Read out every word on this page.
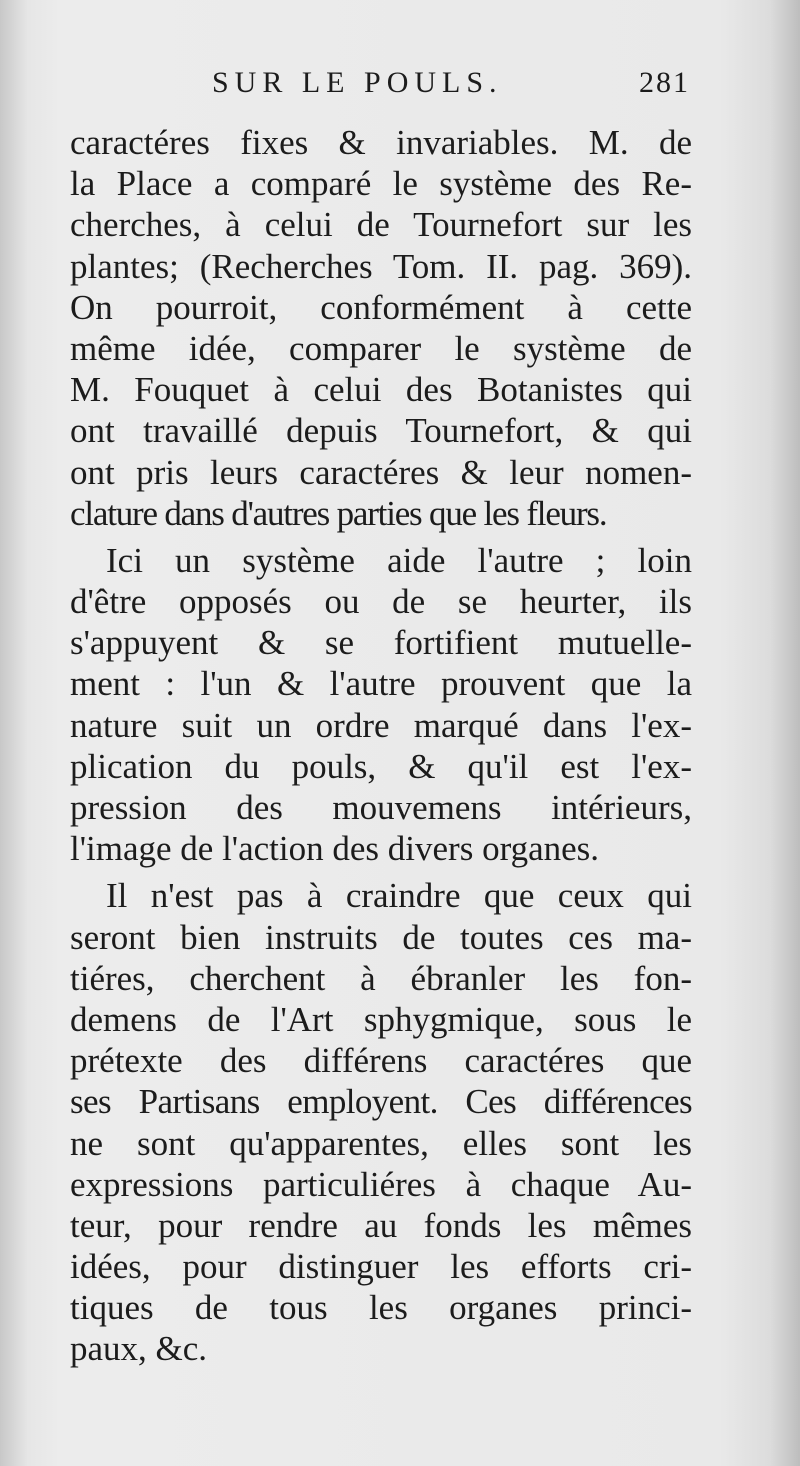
SUR LE POULS.	281
caractéres fixes & invariables. M. de
la Place a comparé le système des Re-
cherches, à celui de Tournefort sur les
plantes; (Recherches Tom. II. pag. 369).
On pourroit, conformément à cette
même idée, comparer le système de
M. Fouquet à celui des Botanistes qui
ont travaillé depuis Tournefort, & qui
ont pris leurs caractéres & leur nomen-
clature dans d'autres parties que les fleurs.
Ici un système aide l'autre ; loin
d'être opposés ou de se heurter, ils
s'appuyent & se fortifient mutuelle-
ment : l'un & l'autre prouvent que la
nature suit un ordre marqué dans l'ex-
plication du pouls, & qu'il est l'ex-
pression des mouvemens intérieurs,
l'image de l'action des divers organes.
Il n'est pas à craindre que ceux qui
seront bien instruits de toutes ces ma-
tiéres, cherchent à ébranler les fon-
demens de l'Art sphygmique, sous le
prétexte des différens caractéres que
ses Partisans employent. Ces différences
ne sont qu'apparentes, elles sont les
expressions particuliéres à chaque Au-
teur, pour rendre au fonds les mêmes
idées, pour distinguer les efforts cri-
tiques de tous les organes princi-
paux, &c.
